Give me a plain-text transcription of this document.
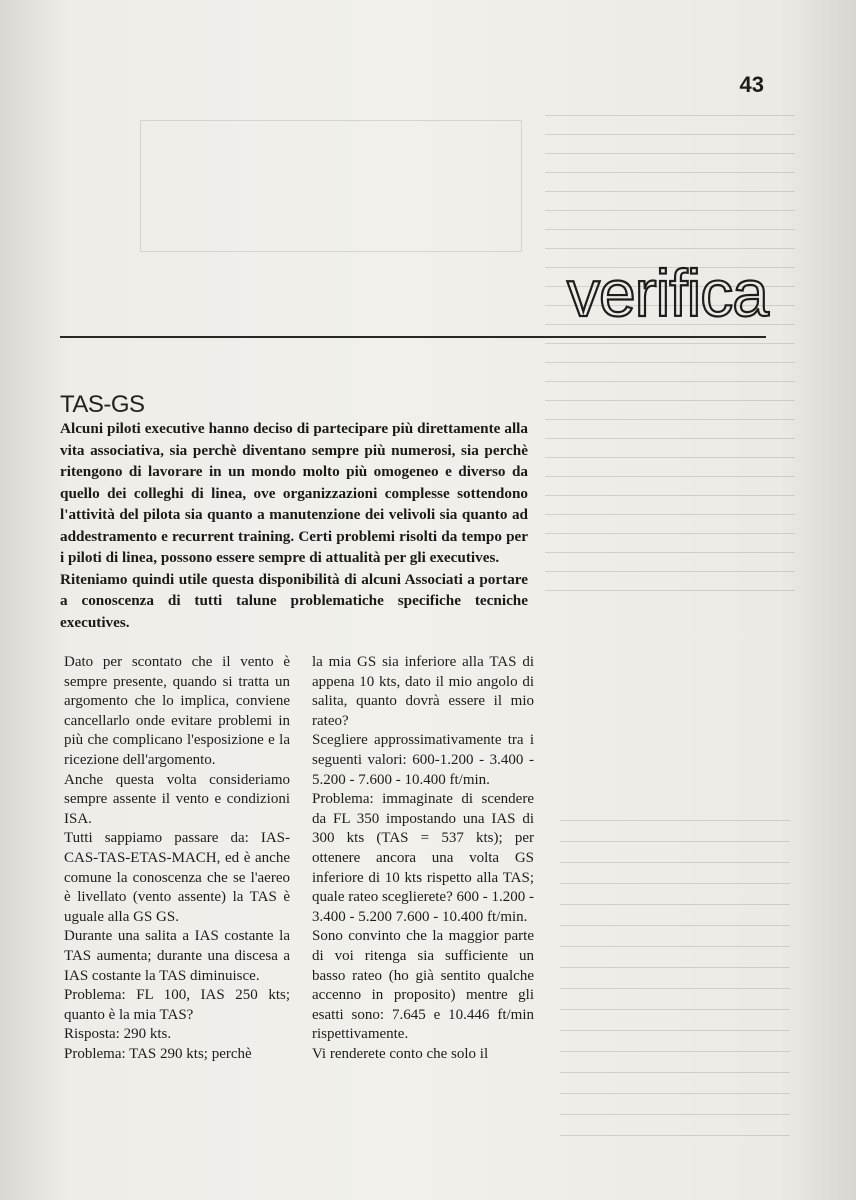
43
verifica
TAS-GS

Alcuni piloti executive hanno deciso di partecipare più direttamente alla vita associativa, sia perchè diventano sempre più numerosi, sia perchè ritengono di lavorare in un mondo molto più omogeneo e diverso da quello dei colleghi di linea, ove organizzazioni complesse sottendono l'attività del pilota sia quanto a manutenzione dei velivoli sia quanto ad addestramento e recurrent training. Certi problemi risolti da tempo per i piloti di linea, possono essere sempre di attualità per gli executives.

Riteniamo quindi utile questa disponibilità di alcuni Associati a portare a conoscenza di tutti talune problematiche specifiche tecniche executives.

Dato per scontato che il vento è sempre presente, quando si tratta un argomento che lo implica, conviene cancellarlo onde evitare problemi in più che complicano l'esposizione e la ricezione dell'argomento.

Anche questa volta consideriamo sempre assente il vento e condizioni ISA.

Tutti sappiamo passare da: IAS-CAS-TAS-ETAS-MACH, ed è anche comune la conoscenza che se l'aereo è livellato (vento assente) la TAS è uguale alla GS GS.

Durante una salita a IAS costante la TAS aumenta; durante una discesa a IAS costante la TAS diminuisce.

Problema: FL 100, IAS 250 kts; quanto è la mia TAS?

Risposta: 290 kts.

Problema: TAS 290 kts; perchè

la mia GS sia inferiore alla TAS di appena 10 kts, dato il mio angolo di salita, quanto dovrà essere il mio rateo?

Scegliere approssimativamente tra i seguenti valori: 600-1.200 - 3.400 - 5.200 - 7.600 - 10.400 ft/min.

Problema: immaginate di scendere da FL 350 impostando una IAS di 300 kts (TAS = 537 kts); per ottenere ancora una volta GS inferiore di 10 kts rispetto alla TAS; quale rateo sceglierete? 600 - 1.200 - 3.400 - 5.200 7.600 - 10.400 ft/min.

Sono convinto che la maggior parte di voi ritenga sia sufficiente un basso rateo (ho già sentito qualche accenno in proposito) mentre gli esatti sono: 7.645 e 10.446 ft/min rispettivamente.

Vi renderete conto che solo il
